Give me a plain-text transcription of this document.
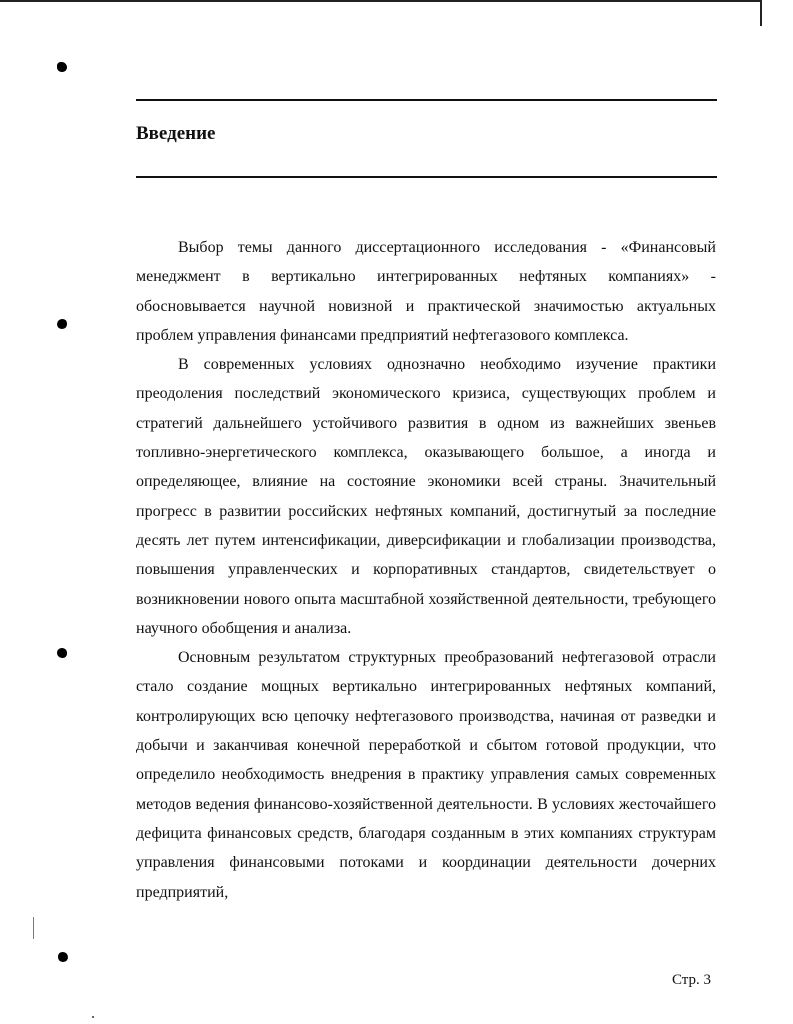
Введение

Выбор темы данного диссертационного исследования - «Финансовый менеджмент в вертикально интегрированных нефтяных компаниях» - обосновывается научной новизной и практической значимостью актуальных проблем управления финансами предприятий нефтегазового комплекса.

В современных условиях однозначно необходимо изучение практики преодоления последствий экономического кризиса, существующих проблем и стратегий дальнейшего устойчивого развития в одном из важнейших звеньев топливно-энергетического комплекса, оказывающего большое, а иногда и определяющее, влияние на состояние экономики всей страны. Значительный прогресс в развитии российских нефтяных компаний, достигнутый за последние десять лет путем интенсификации, диверсификации и глобализации производства, повышения управленческих и корпоративных стандартов, свидетельствует о возникновении нового опыта масштабной хозяйственной деятельности, требующего научного обобщения и анализа.

Основным результатом структурных преобразований нефтегазовой отрасли стало создание мощных вертикально интегрированных нефтяных компаний, контролирующих всю цепочку нефтегазового производства, начиная от разведки и добычи и заканчивая конечной переработкой и сбытом готовой продукции, что определило необходимость внедрения в практику управления самых современных методов ведения финансово-хозяйственной деятельности. В условиях жесточайшего дефицита финансовых средств, благодаря созданным в этих компаниях структурам управления финансовыми потоками и координации деятельности дочерних предприятий,

Стр. 3
